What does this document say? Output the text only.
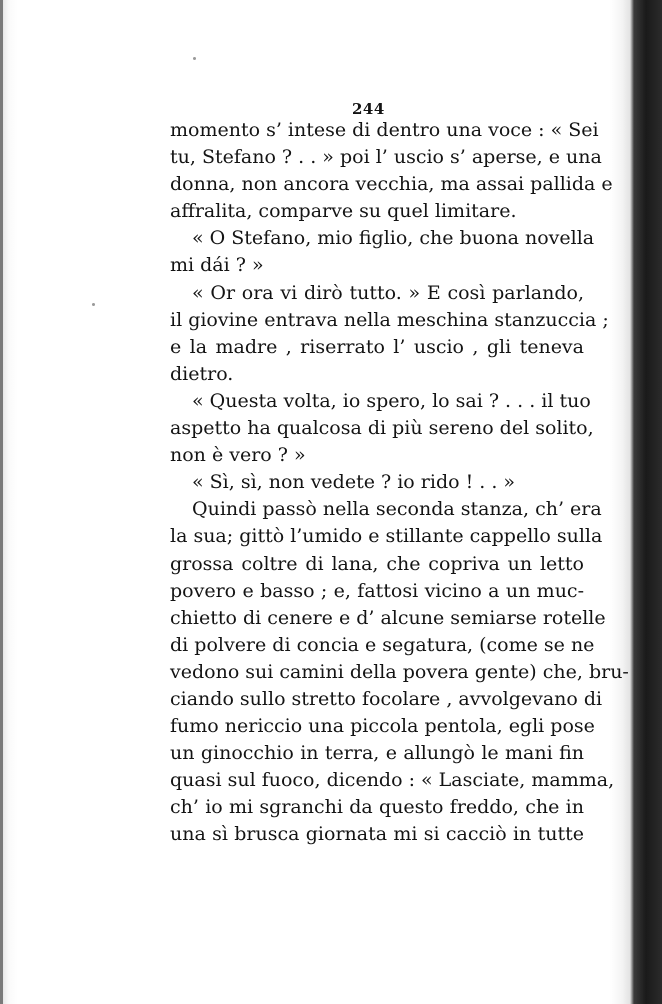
244
momento s’ intese di dentro una voce : « Sei
tu, Stefano ? . . » poi l’ uscio s’ aperse, e una
donna, non ancora vecchia, ma assai pallida e
affralita, comparve su quel limitare.
« O Stefano, mio figlio, che buona novella
mi dái ? »
« Or ora vi dirò tutto. » E così parlando,
il giovine entrava nella meschina stanzuccia ;
e la madre , riserrato l’ uscio , gli teneva
dietro.
« Questa volta, io spero, lo sai ? . . . il tuo
aspetto ha qualcosa di più sereno del solito,
non è vero ? »
« Sì, sì, non vedete ? io rido ! . . »
Quindi passò nella seconda stanza, ch’ era
la sua; gittò l’umido e stillante cappello sulla
grossa coltre di lana, che copriva un letto
povero e basso ; e, fattosi vicino a un muc-
chietto di cenere e d’ alcune semiarse rotelle
di polvere di concia e segatura, (come se ne
vedono sui camini della povera gente) che, bru-
ciando sullo stretto focolare , avvolgevano di
fumo nericcio una piccola pentola, egli pose
un ginocchio in terra, e allungò le mani fin
quasi sul fuoco, dicendo : « Lasciate, mamma,
ch’ io mi sgranchi da questo freddo, che in
una sì brusca giornata mi si cacciò in tutte
